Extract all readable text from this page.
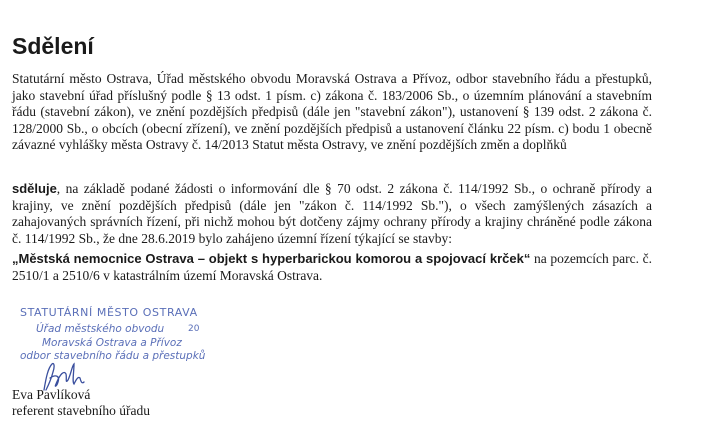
Sdělení
Statutární město Ostrava, Úřad městského obvodu Moravská Ostrava a Přívoz, odbor stavebního řádu a přestupků, jako stavební úřad příslušný podle § 13 odst. 1 písm. c) zákona č. 183/2006 Sb., o územním plánování a stavebním řádu (stavební zákon), ve znění pozdějších předpisů (dále jen "stavební zákon"), ustanovení § 139 odst. 2 zákona č. 128/2000 Sb., o obcích (obecní zřízení), ve znění pozdějších předpisů a ustanovení článku 22 písm. c) bodu 1 obecně závazné vyhlášky města Ostravy č. 14/2013 Statut města Ostravy, ve znění pozdějších změn a doplňků
sděluje, na základě podané žádosti o informování dle § 70 odst. 2 zákona č. 114/1992 Sb., o ochraně přírody a krajiny, ve znění pozdějších předpisů (dále jen "zákon č. 114/1992 Sb."), o všech zamýšlených zásazích a zahajovaných správních řízení, při nichž mohou být dotčeny zájmy ochrany přírody a krajiny chráněné podle zákona č. 114/1992 Sb., že dne 28.6.2019 bylo zahájeno územní řízení týkající se stavby:
„Městská nemocnice Ostrava – objekt s hyperbarickou komorou a spojovací krček“ na pozemcích parc. č. 2510/1 a 2510/6 v katastrálním území Moravská Ostrava.
STATUTÁRNÍ MĚSTO OSTRAVA
Úřad městského obvodu	20
Moravská Ostrava a Přívoz
odbor stavebního řádu a přestupků
Eva Pavlíková
referent stavebního úřadu
